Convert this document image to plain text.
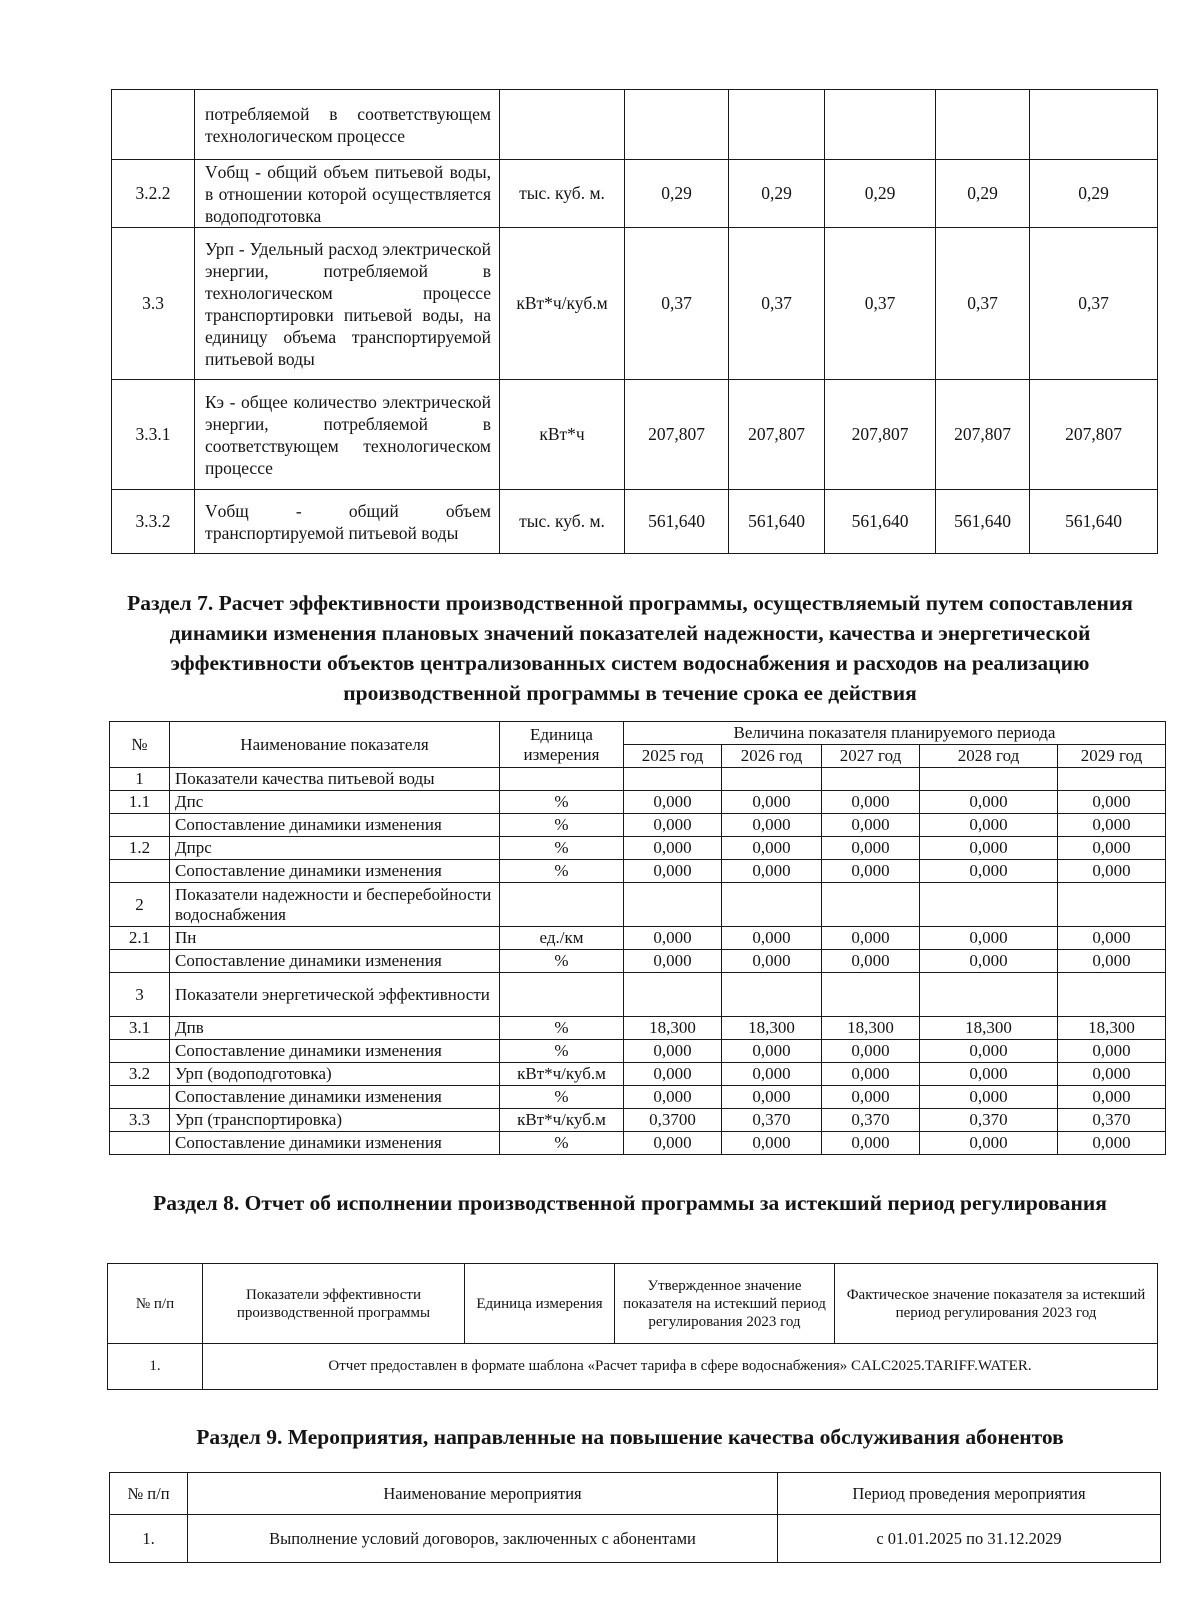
	потребляемой в соответствующем технологическом процессе						
3.2.2	Vобщ - общий объем питьевой воды, в отношении которой осуществляется водоподготовка	тыс. куб. м.	0,29	0,29	0,29	0,29	0,29
3.3	Урп - Удельный расход электрической энергии, потребляемой в технологическом процессе транспортировки питьевой воды, на единицу объема транспортируемой питьевой воды	кВт*ч/куб.м	0,37	0,37	0,37	0,37	0,37
3.3.1	Кэ - общее количество электрической энергии, потребляемой в соответствующем технологическом процессе	кВт*ч	207,807	207,807	207,807	207,807	207,807
3.3.2	Vобщ - общий объем транспортируемой питьевой воды	тыс. куб. м.	561,640	561,640	561,640	561,640	561,640
Раздел 7. Расчет эффективности производственной программы, осуществляемый путем сопоставления динамики изменения плановых значений показателей надежности, качества и энергетической эффективности объектов централизованных систем водоснабжения и расходов на реализацию производственной программы в течение срока ее действия
№	Наименование показателя	Единица измерения	Величина показателя планируемого периода				
			2025 год	2026 год	2027 год	2028 год	2029 год
1	Показатели качества питьевой воды						
1.1	Дпс	%	0,000	0,000	0,000	0,000	0,000
	Сопоставление динамики изменения	%	0,000	0,000	0,000	0,000	0,000
1.2	Дпрс	%	0,000	0,000	0,000	0,000	0,000
	Сопоставление динамики изменения	%	0,000	0,000	0,000	0,000	0,000
2	Показатели надежности и бесперебойности водоснабжения						
2.1	Пн	ед./км	0,000	0,000	0,000	0,000	0,000
	Сопоставление динамики изменения	%	0,000	0,000	0,000	0,000	0,000
3	Показатели энергетической эффективности						
3.1	Дпв	%	18,300	18,300	18,300	18,300	18,300
	Сопоставление динамики изменения	%	0,000	0,000	0,000	0,000	0,000
3.2	Урп (водоподготовка)	кВт*ч/куб.м	0,000	0,000	0,000	0,000	0,000
	Сопоставление динамики изменения	%	0,000	0,000	0,000	0,000	0,000
3.3	Урп (транспортировка)	кВт*ч/куб.м	0,3700	0,370	0,370	0,370	0,370
	Сопоставление динамики изменения	%	0,000	0,000	0,000	0,000	0,000
Раздел 8. Отчет об исполнении производственной программы за истекший период регулирования
№ п/п	Показатели эффективности производственной программы	Единица измерения	Утвержденное значение показателя на истекший период регулирования 2023 год	Фактическое значение показателя за истекший период регулирования 2023 год
1.	Отчет предоставлен в формате шаблона «Расчет тарифа в сфере водоснабжения» CALC2025.TARIFF.WATER.			
Раздел 9. Мероприятия, направленные на повышение качества обслуживания абонентов
№ п/п	Наименование мероприятия	Период проведения мероприятия
1.	Выполнение условий договоров, заключенных с абонентами	с 01.01.2025 по 31.12.2029
